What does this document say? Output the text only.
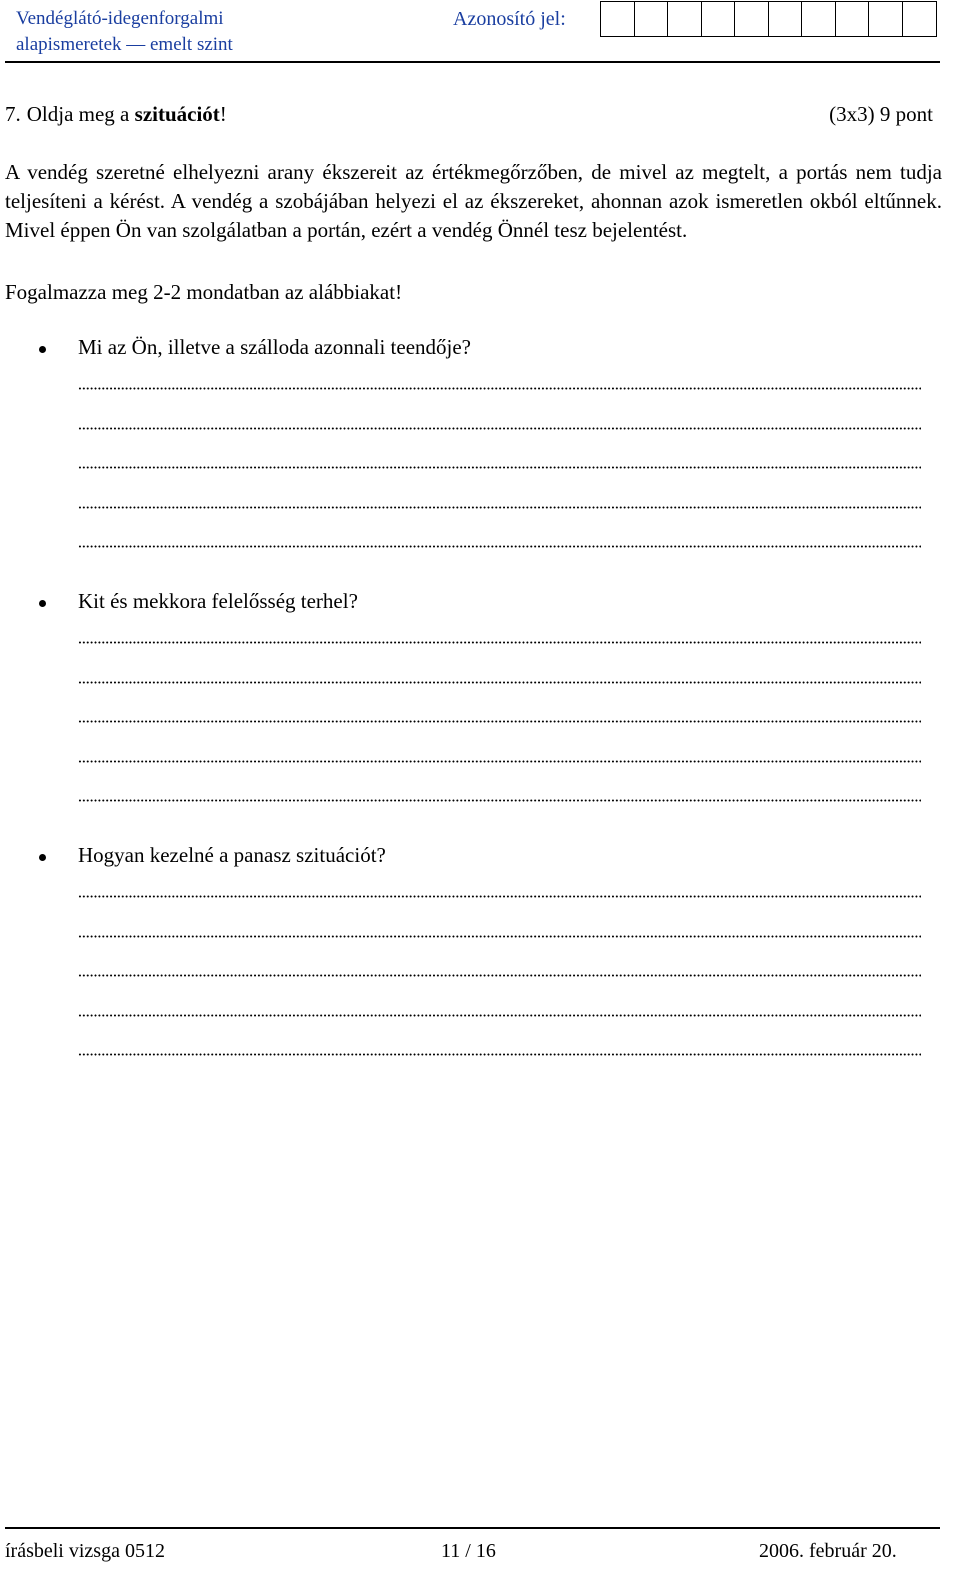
Vendéglátó-idegenforgalmi
alapismeretek — emelt szint
Azonosító jel:
7. Oldja meg a szituációt!	(3x3) 9 pont

A vendég szeretné elhelyezni arany ékszereit az értékmegőrzőben, de mivel az megtelt, a portás nem tudja teljesíteni a kérést. A vendég a szobájában helyezi el az ékszereket, ahonnan azok ismeretlen okból eltűnnek. Mivel éppen Ön van szolgálatban a portán, ezért a vendég Önnél tesz bejelentést.

Fogalmazza meg 2-2 mondatban az alábbiakat!

Mi az Ön, illetve a szálloda azonnali teendője?
Kit és mekkora felelősség terhel?
Hogyan kezelné a panasz szituációt?
írásbeli vizsga 0512	11 / 16	2006. február 20.
